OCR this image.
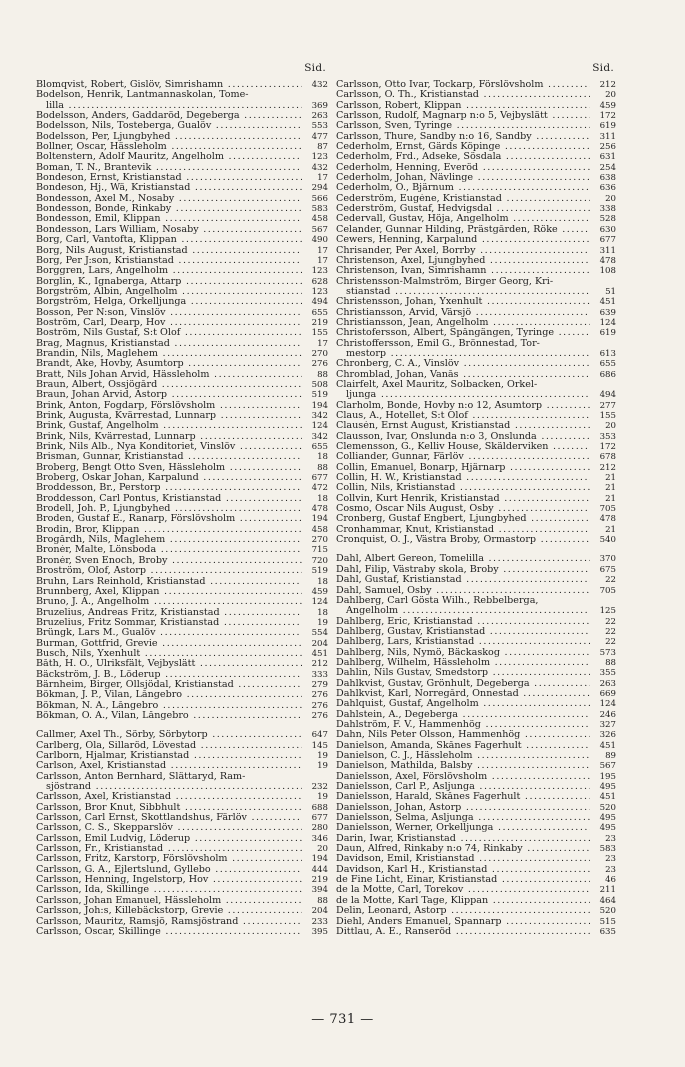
Sid.
Blomqvist, Robert, Gislöv, Simrishamn .....	432
Bodelson, Henrik, Lantmannaskolan, Tome-
lilla .....	369
Bodelsson, Anders, Gaddaröd, Degeberga .....	263
Bodelsson, Nils, Tosteberga, Gualöv .....	553
Bodelsson, Per, Ljungbyhed .....	477
Bollner, Oscar, Hässleholm .....	87
Boltenstern, Adolf Mauritz, Ängelholm .....	123
Boman, T. N., Brantevik .....	432
Bondeson, Ernst, Kristianstad .....	17
Bondeson, Hj., Wä, Kristianstad .....	294
Bondesson, Axel M., Nosaby .....	566
Bondesson, Bonde, Rinkaby .....	583
Bondesson, Emil, Klippan .....	458
Bondesson, Lars William, Nosaby .....	567
Borg, Carl, Vantofta, Klippan .....	490
Borg, Nils August, Kristianstad .....	17
Borg, Per J:son, Kristianstad .....	17
Borggren, Lars, Ängelholm .....	123
Borglin, K., Ignaberga, Attarp .....	628
Borgström, Albin, Ängelholm .....	123
Borgström, Helga, Örkelljunga .....	494
Bosson, Per N:son, Vinslöv .....	655
Boström, Carl, Dearp, Hov .....	219
Boström, Nils Gustaf, S:t Olof .....	155
Brag, Magnus, Kristianstad .....	17
Brandin, Nils, Maglehem .....	270
Brandt, Åke, Hovby, Åsumtorp .....	276
Bratt, Nils Johan Arvid, Hässleholm .....	88
Braun, Albert, Össjögård .....	508
Braun, Johan Arvid, Åstorp .....	519
Brink, Anton, Fogdarp, Förslövsholm .....	194
Brink, Augusta, Kvärrestad, Lunnarp .....	342
Brink, Gustaf, Ängelholm .....	124
Brink, Nils, Kvärrestad, Lunnarp .....	342
Brink, Nils Alb., Nya Konditoriet, Vinslöv .....	655
Brisman, Gunnar, Kristianstad .....	18
Broberg, Bengt Otto Sven, Hässleholm .....	88
Broberg, Oskar Johan, Karpalund .....	677
Broddesson, Br., Perstorp .....	472
Broddesson, Carl Pontus, Kristianstad .....	18
Brodell, Joh. P., Ljungbyhed .....	478
Broden, Gustaf E., Ranarp, Förslövsholm .....	194
Brodin, Bror, Klippan .....	458
Brogårdh, Nils, Maglehem .....	270
Bronér, Malte, Lönsboda .....	715
Bronér, Sven Enoch, Broby .....	720
Broström, Olof, Åstorp .....	519
Bruhn, Lars Reinhold, Kristianstad .....	18
Brunnberg, Axel, Klippan .....	459
Bruno, J. A., Ängelholm .....	124
Bruzelius, Andreas Fritz, Kristianstad .....	18
Bruzelius, Fritz Sommar, Kristianstad .....	19
Brüngk, Lars M., Gualöv .....	554
Burman, Gottfrid, Grevie .....	204
Busch, Nils, Yxenhult .....	451
Båth, H. O., Ulriksfält, Vejbyslätt .....	212
Bäckström, J. B., Löderup .....	333
Bärnheim, Birger, Öllsjödal, Kristianstad .....	279
Bökman, J. P., Vilan, Långebro .....	276
Bökman, N. A., Långebro .....	276
Bökman, O. A., Vilan, Långebro .....	276
Callmer, Axel Th., Sörby, Sörbytorp .....	647
Carlberg, Ola, Sillaröd, Lövestad .....	145
Carlborn, Hjalmar, Kristianstad .....	19
Carlson, Axel, Kristianstad .....	19
Carlsson, Anton Bernhard, Slättaryd, Ram-
sjöstrand .....	232
Carlsson, Axel, Kristianstad .....	19
Carlsson, Bror Knut, Sibbhult .....	688
Carlsson, Carl Ernst, Skottlandshus, Färlöv .....	677
Carlsson, C. S., Skepparslöv .....	280
Carlsson, Emil Ludvig, Löderup .....	346
Carlsson, Fr., Kristianstad .....	20
Carlsson, Fritz, Karstorp, Förslövsholm .....	194
Carlsson, G. A., Ejlertslund, Gyllebo .....	444
Carlsson, Henning, Ingelstorp, Hov .....	219
Carlsson, Ida, Skillinge .....	394
Carlsson, Johan Emanuel, Hässleholm .....	88
Carlsson, Joh:s, Killebäckstorp, Grevie .....	204
Carlsson, Mauritz, Ramsjö, Ramsjöstrand .....	233
Carlsson, Oscar, Skillinge .....	395
Sid.
Carlsson, Otto Ivar, Tockarp, Förslövsholm .....	212
Carlsson, O. Th., Kristianstad .....	20
Carlsson, Robert, Klippan .....	459
Carlsson, Rudolf, Magnarp n:o 5, Vejbyslätt .....	172
Carlsson, Sven, Tyringe .....	619
Carlsson, Thure, Sandby n:o 16, Sandby .....	311
Cederholm, Ernst, Gärds Köpinge .....	256
Cederholm, Frd., Adseke, Sösdala .....	631
Cederholm, Henning, Everöd .....	254
Cederholm, Johan, Nävlinge .....	638
Cederholm, O., Bjärnum .....	636
Cederström, Eugéne, Kristianstad .....	20
Cederström, Gustaf, Hedvigsdal .....	338
Cedervall, Gustav, Höja, Ängelholm .....	528
Celander, Gunnar Hilding, Prästgården, Röke .....	630
Cewers, Henning, Karpalund .....	677
Chrisander, Per Axel, Borrby .....	311
Christenson, Axel, Ljungbyhed .....	478
Christenson, Ivan, Simrishamn .....	108
Christensson-Malmström, Birger Georg, Kri-
stianstad .....	51
Christensson, Johan, Yxenhult .....	451
Christiansson, Arvid, Värsjö .....	639
Christiansson, Jean, Ängelholm .....	124
Christofersson, Albert, Spångängen, Tyringe .....	619
Christoffersson, Emil G., Brönnestad, Tor-
mestorp .....	613
Chronberg, C. A., Vinslöv .....	655
Chromblad, Johan, Vanås .....	686
Clairfelt, Axel Mauritz, Solbacken, Örkel-
ljunga .....	494
Clarholm, Bonde, Hovby n:o 12, Åsumtorp .....	277
Claus, A., Hotellet, S:t Olof .....	155
Clausén, Ernst August, Kristianstad .....	20
Clausson, Ivar, Onslunda n:o 3, Onslunda .....	353
Clemensson, G., Kelliv House, Skälderviken .....	172
Colliander, Gunnar, Färlöv .....	678
Collin, Emanuel, Bonarp, Hjärnarp .....	212
Collin, H. W., Kristianstad .....	21
Collin, Nils, Kristianstad .....	21
Collvin, Kurt Henrik, Kristianstad .....	21
Cosmo, Oscar Nils August, Osby .....	705
Cronberg, Gustaf Engbert, Ljungbyhed .....	478
Cronhammar, Knut, Kristianstad .....	21
Cronquist, O. J., Västra Broby, Ormastorp .....	540
Dahl, Albert Gereon, Tomelilla .....	370
Dahl, Filip, Västraby skola, Broby .....	675
Dahl, Gustaf, Kristianstad .....	22
Dahl, Samuel, Osby .....	705
Dahlberg, Carl Gösta Wilh., Rebbelberga,
Ängelholm .....	125
Dahlberg, Eric, Kristianstad .....	22
Dahlberg, Gustav, Kristianstad .....	22
Dahlberg, Lars, Kristianstad .....	22
Dahlberg, Nils, Nymö, Bäckaskog .....	573
Dahlberg, Wilhelm, Hässleholm .....	88
Dahlin, Nils Gustav, Smedstorp .....	355
Dahlkvist, Gustav, Grönhult, Degeberga .....	263
Dahlkvist, Karl, Norregård, Önnestad .....	669
Dahlquist, Gustaf, Ängelholm .....	124
Dahlstein, A., Degeberga .....	246
Dahlström, F. V., Hammenhög .....	327
Dahn, Nils Peter Olsson, Hammenhög .....	326
Danielson, Amanda, Skånes Fagerhult .....	451
Danielson, C. J., Hässleholm .....	89
Danielson, Mathilda, Balsby .....	567
Danielsson, Axel, Förslövsholm .....	195
Danielsson, Carl P., Åsljunga .....	495
Danielsson, Harald, Skånes Fagerhult .....	451
Danielsson, Johan, Åstorp .....	520
Danielsson, Selma, Åsljunga .....	495
Danielsson, Werner, Örkelljunga .....	495
Darin, Iwar, Kristianstad .....	23
Daun, Alfred, Rinkaby n:o 74, Rinkaby .....	583
Davidson, Emil, Kristianstad .....	23
Davidson, Karl H., Kristianstad .....	23
de Fine Licht, Einar, Kristianstad .....	46
de la Motte, Carl, Torekov .....	211
de la Motte, Karl Tage, Klippan .....	464
Delin, Leonard, Åstorp .....	520
Diehl, Anders Emanuel, Spannarp .....	515
Dittlau, A. E., Ranseröd .....	635
— 731 —
